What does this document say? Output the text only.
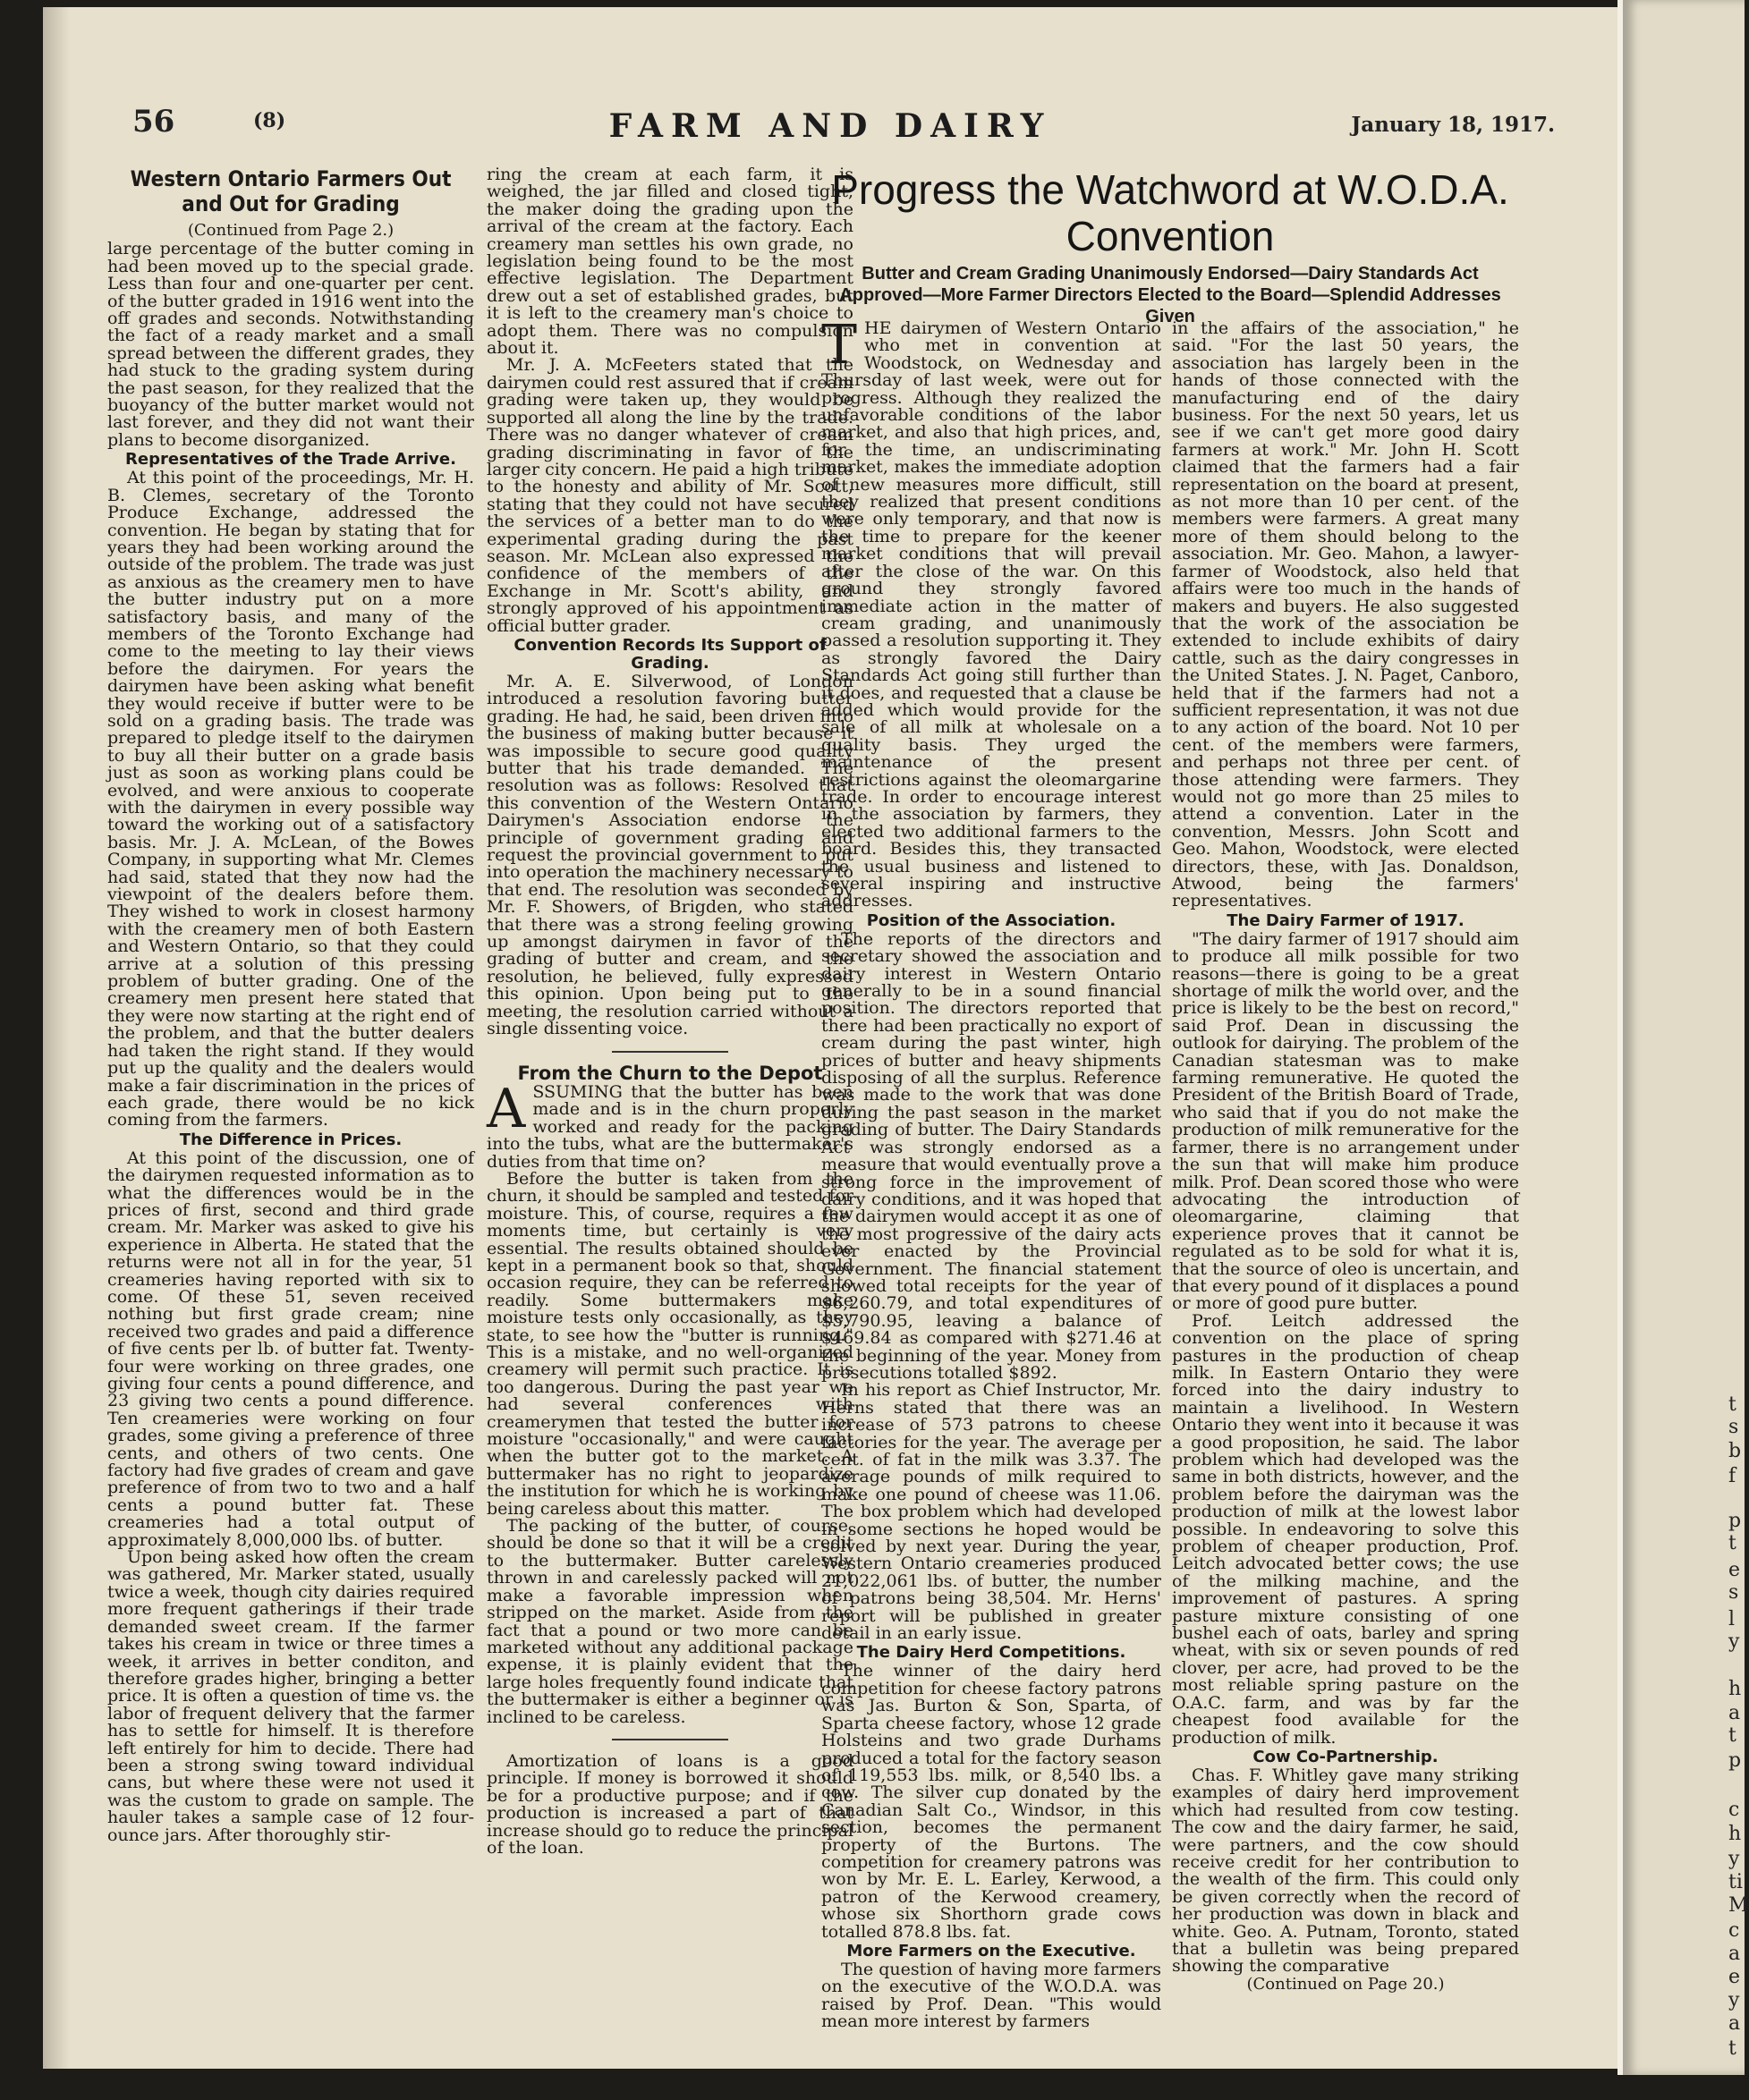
56	(8)	FARM AND DAIRY	January 18, 1917.
Western Ontario Farmers Out and Out for Grading
(Continued from Page 2.)

large percentage of the butter coming in had been moved up to the special grade. Less than four and one-quarter per cent. of the butter graded in 1916 went into the off grades and seconds. Notwithstanding the fact of a ready market and a small spread between the different grades, they had stuck to the grading system during the past season, for they realized that the buoyancy of the butter market would not last forever, and they did not want their plans to become disorganized.

Representatives of the Trade Arrive.

At this point of the proceedings, Mr. H. B. Clemes, secretary of the Toronto Produce Exchange, addressed the convention. He began by stating that for years they had been working around the outside of the problem. The trade was just as anxious as the creamery men to have the butter industry put on a more satisfactory basis, and many of the members of the Toronto Exchange had come to the meeting to lay their views before the dairymen. For years the dairymen have been asking what benefit they would receive if butter were to be sold on a grading basis. The trade was prepared to pledge itself to the dairymen to buy all their butter on a grade basis just as soon as working plans could be evolved, and were anxious to cooperate with the dairymen in every possible way toward the working out of a satisfactory basis. Mr. J. A. McLean, of the Bowes Company, in supporting what Mr. Clemes had said, stated that they now had the viewpoint of the dealers before them. They wished to work in closest harmony with the creamery men of both Eastern and Western Ontario, so that they could arrive at a solution of this pressing problem of butter grading. One of the creamery men present here stated that they were now starting at the right end of the problem, and that the butter dealers had taken the right stand. If they would put up the quality and the dealers would make a fair discrimination in the prices of each grade, there would be no kick coming from the farmers.

The Difference in Prices.

At this point of the discussion, one of the dairymen requested information as to what the differences would be in the prices of first, second and third grade cream. Mr. Marker was asked to give his experience in Alberta. He stated that the returns were not all in for the year, 51 creameries having reported with six to come. Of these 51, seven received nothing but first grade cream; nine received two grades and paid a difference of five cents per lb. of butter fat. Twenty-four were working on three grades, one giving four cents a pound difference, and 23 giving two cents a pound difference. Ten creameries were working on four grades, some giving a preference of three cents, and others of two cents. One factory had five grades of cream and gave preference of from two to two and a half cents a pound butter fat. These creameries had a total output of approximately 8,000,000 lbs. of butter.

Upon being asked how often the cream was gathered, Mr. Marker stated, usually twice a week, though city dairies required more frequent gatherings if their trade demanded sweet cream. If the farmer takes his cream in twice or three times a week, it arrives in better conditon, and therefore grades higher, bringing a better price. It is often a question of time vs. the labor of frequent delivery that the farmer has to settle for himself. It is therefore left entirely for him to decide. There had been a strong swing toward individual cans, but where these were not used it was the custom to grade on sample. The hauler takes a sample case of 12 four-ounce jars. After thoroughly stir-

ring the cream at each farm, it is weighed, the jar filled and closed tight, the maker doing the grading upon the arrival of the cream at the factory. Each creamery man settles his own grade, no legislation being found to be the most effective legislation. The Department drew out a set of established grades, but it is left to the creamery man's choice to adopt them. There was no compulsion about it.

Mr. J. A. McFeeters stated that the dairymen could rest assured that if cream grading were taken up, they would be supported all along the line by the trade. There was no danger whatever of cream grading discriminating in favor of the larger city concern. He paid a high tribute to the honesty and ability of Mr. Scott, stating that they could not have secured the services of a better man to do the experimental grading during the past season. Mr. McLean also expressed the confidence of the members of the Exchange in Mr. Scott's ability, and strongly approved of his appointment as official butter grader.

Convention Records Its Support of Grading.

Mr. A. E. Silverwood, of London introduced a resolution favoring butter grading. He had, he said, been driven into the business of making butter because it was impossible to secure good quality butter that his trade demanded. The resolution was as follows: Resolved that this convention of the Western Ontario Dairymen's Association endorse the principle of government grading and request the provincial government to put into operation the machinery necessary to that end. The resolution was seconded by Mr. F. Showers, of Brigden, who stated that there was a strong feeling growing up amongst dairymen in favor of the grading of butter and cream, and the resolution, he believed, fully expressed this opinion. Upon being put to the meeting, the resolution carried without a single dissenting voice.

From the Churn to the Depot

ASSUMING that the butter has been made and is in the churn properly worked and ready for the packing into the tubs, what are the buttermaker's duties from that time on?

Before the butter is taken from the churn, it should be sampled and tested for moisture. This, of course, requires a few moments time, but certainly is very essential. The results obtained should be kept in a permanent book so that, should occasion require, they can be referred to readily. Some buttermakers make moisture tests only occasionally, as they state, to see how the "butter is running." This is a mistake, and no well-organized creamery will permit such practice. It is too dangerous. During the past year we had several conferences with creamerymen that tested the butter for moisture "occasionally," and were caught when the butter got to the market. A buttermaker has no right to jeopardize the institution for which he is working by being careless about this matter.

The packing of the butter, of course, should be done so that it will be a credit to the buttermaker. Butter carelessly thrown in and carelessly packed will not make a favorable impression when stripped on the market. Aside from the fact that a pound or two more can be marketed without any additional package expense, it is plainly evident that the large holes frequently found indicate that the buttermaker is either a beginner or is inclined to be careless.

Amortization of loans is a good principle. If money is borrowed it should be for a productive purpose; and if the production is increased a part of that increase should go to reduce the principal of the loan.

Progress the Watchword at W.O.D.A. Convention
Butter and Cream Grading Unanimously Endorsed—Dairy Standards Act Approved—More Farmer Directors Elected to the Board—Splendid Addresses Given

THE dairymen of Western Ontario who met in convention at Woodstock, on Wednesday and Thursday of last week, were out for progress. Although they realized the unfavorable conditions of the labor market, and also that high prices, and, for the time, an undiscriminating market, makes the immediate adoption of new measures more difficult, still they realized that present conditions were only temporary, and that now is the time to prepare for the keener market conditions that will prevail after the close of the war. On this ground they strongly favored immediate action in the matter of cream grading, and unanimously passed a resolution supporting it. They as strongly favored the Dairy Standards Act going still further than it does, and requested that a clause be added which would provide for the sale of all milk at wholesale on a quality basis. They urged the maintenance of the present restrictions against the oleomargarine trade. In order to encourage interest in the association by farmers, they elected two additional farmers to the board. Besides this, they transacted the usual business and listened to several inspiring and instructive addresses.

Position of the Association.

The reports of the directors and secretary showed the association and dairy interest in Western Ontario generally to be in a sound financial position. The directors reported that there had been practically no export of cream during the past winter, high prices of butter and heavy shipments disposing of all the surplus. Reference was made to the work that was done during the past season in the market grading of butter. The Dairy Standards Act was strongly endorsed as a measure that would eventually prove a strong force in the improvement of dairy conditions, and it was hoped that the dairymen would accept it as one of the most progressive of the dairy acts ever enacted by the Provincial Government. The financial statement showed total receipts for the year of $6,260.79, and total expenditures of $5,790.95, leaving a balance of $469.84 as compared with $271.46 at the beginning of the year. Money from prosecutions totalled $892.

In his report as Chief Instructor, Mr. Herns stated that there was an increase of 573 patrons to cheese factories for the year. The average per cent. of fat in the milk was 3.37. The average pounds of milk required to make one pound of cheese was 11.06. The box problem which had developed in some sections he hoped would be solved by next year. During the year, Western Ontario creameries produced 21,022,061 lbs. of butter, the number of patrons being 38,504. Mr. Herns' report will be published in greater detail in an early issue.

The Dairy Herd Competitions.

The winner of the dairy herd competition for cheese factory patrons was Jas. Burton & Son, Sparta, of Sparta cheese factory, whose 12 grade Holsteins and two grade Durhams produced a total for the factory season of 119,553 lbs. milk, or 8,540 lbs. a cow. The silver cup donated by the Canadian Salt Co., Windsor, in this section, becomes the permanent property of the Burtons. The competition for creamery patrons was won by Mr. E. L. Earley, Kerwood, a patron of the Kerwood creamery, whose six Shorthorn grade cows totalled 878.8 lbs. fat.

More Farmers on the Executive.

The question of having more farmers on the executive of the W.O.D.A. was raised by Prof. Dean. "This would mean more interest by farmers

in the affairs of the association," he said. "For the last 50 years, the association has largely been in the hands of those connected with the manufacturing end of the dairy business. For the next 50 years, let us see if we can't get more good dairy farmers at work." Mr. John H. Scott claimed that the farmers had a fair representation on the board at present, as not more than 10 per cent. of the members were farmers. A great many more of them should belong to the association. Mr. Geo. Mahon, a lawyer-farmer of Woodstock, also held that affairs were too much in the hands of makers and buyers. He also suggested that the work of the association be extended to include exhibits of dairy cattle, such as the dairy congresses in the United States. J. N. Paget, Canboro, held that if the farmers had not a sufficient representation, it was not due to any action of the board. Not 10 per cent. of the members were farmers, and perhaps not three per cent. of those attending were farmers. They would not go more than 25 miles to attend a convention. Later in the convention, Messrs. John Scott and Geo. Mahon, Woodstock, were elected directors, these, with Jas. Donaldson, Atwood, being the farmers' representatives.

The Dairy Farmer of 1917.

"The dairy farmer of 1917 should aim to produce all milk possible for two reasons—there is going to be a great shortage of milk the world over, and the price is likely to be the best on record," said Prof. Dean in discussing the outlook for dairying. The problem of the Canadian statesman was to make farming remunerative. He quoted the President of the British Board of Trade, who said that if you do not make the production of milk remunerative for the farmer, there is no arrangement under the sun that will make him produce milk. Prof. Dean scored those who were advocating the introduction of oleomargarine, claiming that experience proves that it cannot be regulated as to be sold for what it is, that the source of oleo is uncertain, and that every pound of it displaces a pound or more of good pure butter.

Prof. Leitch addressed the convention on the place of spring pastures in the production of cheap milk. In Eastern Ontario they were forced into the dairy industry to maintain a livelihood. In Western Ontario they went into it because it was a good proposition, he said. The labor problem which had developed was the same in both districts, however, and the problem before the dairyman was the production of milk at the lowest labor possible. In endeavoring to solve this problem of cheaper production, Prof. Leitch advocated better cows; the use of the milking machine, and the improvement of pastures. A spring pasture mixture consisting of one bushel each of oats, barley and spring wheat, with six or seven pounds of red clover, per acre, had proved to be the most reliable spring pasture on the O.A.C. farm, and was by far the cheapest food available for the production of milk.

Cow Co-Partnership.

Chas. F. Whitley gave many striking examples of dairy herd improvement which had resulted from cow testing. The cow and the dairy farmer, he said, were partners, and the cow should receive credit for her contribution to the wealth of the firm. This could only be given correctly when the record of her production was down in black and white. Geo. A. Putnam, Toronto, stated that a bulletin was being prepared showing the comparative

(Continued on Page 20.)
t
s
b
f
p
t
e
s
l
y
h
a
t
p
c
h
y
ti
M
c
a
e
y
a
t
